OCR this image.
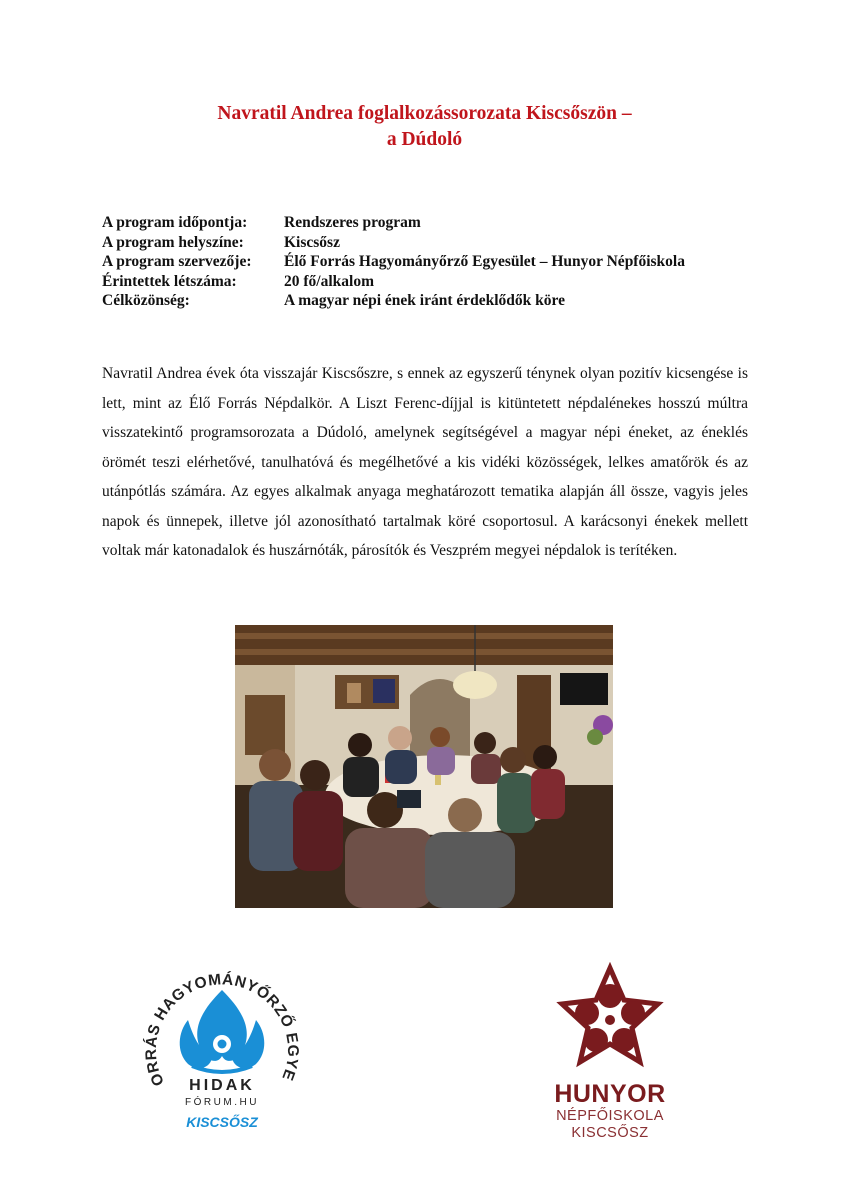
Navratil Andrea foglalkozássorozata Kiscsőszön –
a Dúdoló
A program időpontja:	Rendszeres program
A program helyszíne:	Kiscsősz
A program szervezője:	Élő Forrás Hagyományőrző Egyesület – Hunyor Népfőiskola
Érintettek létszáma:	20 fő/alkalom
Célközönség:	A magyar népi ének iránt érdeklődők köre
Navratil Andrea évek óta visszajár Kiscsőszre, s ennek az egyszerű ténynek olyan pozitív kicsengése is lett, mint az Élő Forrás Népdalkör. A Liszt Ferenc-díjjal is kitüntetett népdalénekes hosszú múltra visszatekintő programsorozata a Dúdoló, amelynek segítségével a magyar népi éneket, az éneklés örömét teszi elérhetővé, tanulhatóvá és megélhetővé a kis vidéki közösségek, lelkes amatőrök és az utánpótlás számára. Az egyes alkalmak anyaga meghatározott tematika alapján áll össze, vagyis jeles napok és ünnepek, illetve jól azonosítható tartalmak köré csoportosul. A karácsonyi énekek mellett voltak már katonadalok és huszárnóták, párosítók és Veszprém megyei népdalok is terítéken.
ORRÁS HAGYOMÁNYŐRZŐ EGYE
HIDAK
FÓRUM.HU
KISCSŐSZ
HUNYOR
NÉPFŐISKOLA
KISCSŐSZ
